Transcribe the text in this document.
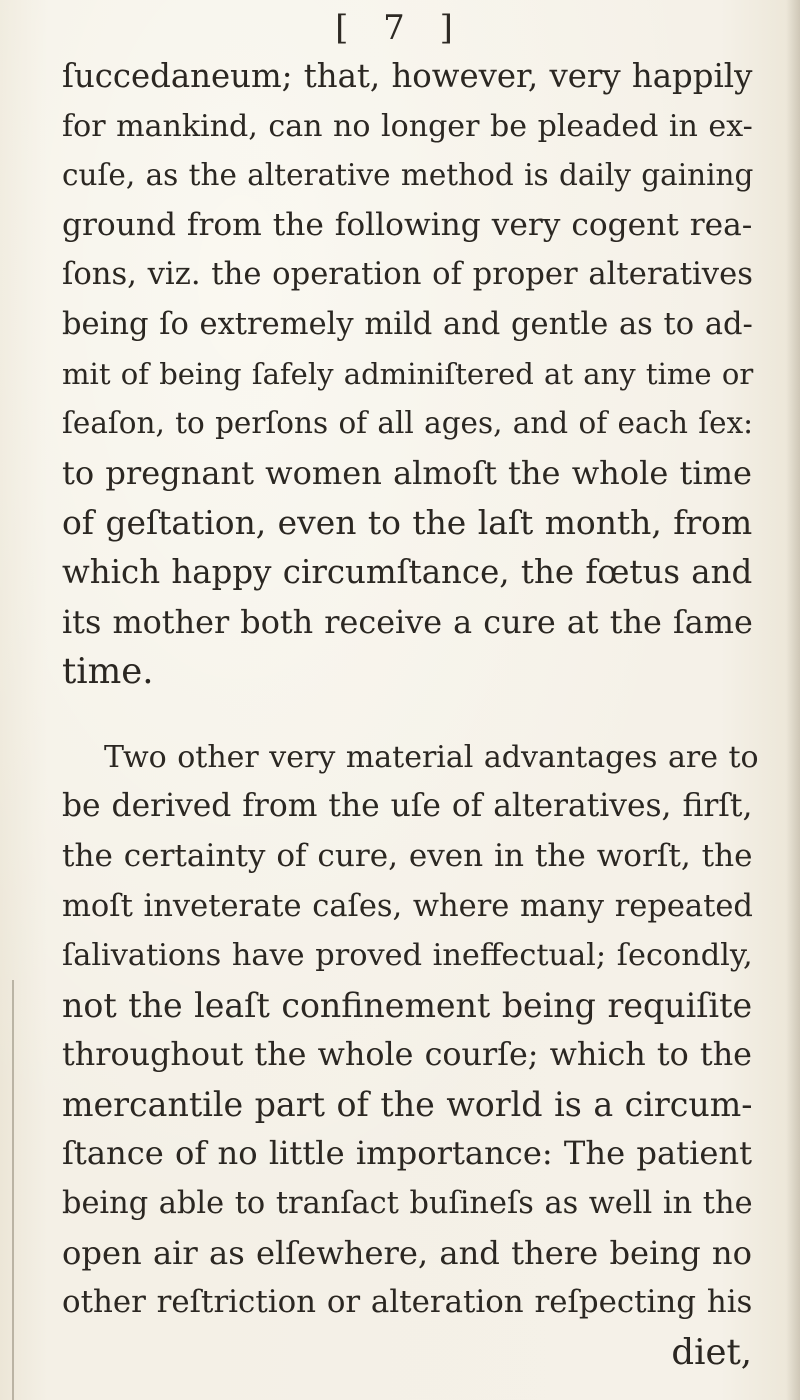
[ 7 ]
ſuccedaneum; that, however, very happily
for mankind, can no longer be pleaded in ex-
cuſe, as the alterative method is daily gaining
ground from the following very cogent rea-
ſons, viz. the operation of proper alteratives
being ſo extremely mild and gentle as to ad-
mit of being ſafely adminiſtered at any time or
ſeaſon, to perſons of all ages, and of each ſex:
to pregnant women almoſt the whole time
of geſtation, even to the laſt month, from
which happy circumſtance, the fœtus and
its mother both receive a cure at the ſame
time.
Two other very material advantages are to
be derived from the uſe of alteratives, firſt,
the certainty of cure, even in the worſt, the
moſt inveterate caſes, where many repeated
ſalivations have proved ineffectual; ſecondly,
not the leaſt confinement being requiſite
throughout the whole courſe; which to the
mercantile part of the world is a circum-
ſtance of no little importance: The patient
being able to tranſact buſineſs as well in the
open air as elſewhere, and there being no
other reſtriction or alteration reſpecting his
diet,
